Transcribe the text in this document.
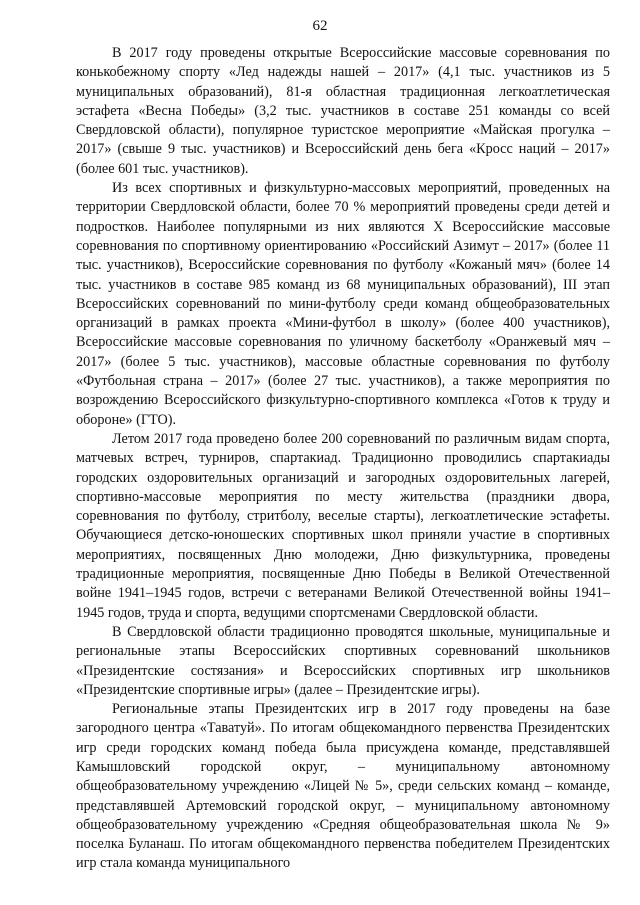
62

В 2017 году проведены открытые Всероссийские массовые соревнования по конькобежному спорту «Лед надежды нашей – 2017» (4,1 тыс. участников из 5 муниципальных образований), 81-я областная традиционная легкоатлетическая эстафета «Весна Победы» (3,2 тыс. участников в составе 251 команды со всей Свердловской области), популярное туристское мероприятие «Майская прогулка – 2017» (свыше 9 тыс. участников) и Всероссийский день бега «Кросс наций – 2017» (более 601 тыс. участников).

Из всех спортивных и физкультурно-массовых мероприятий, проведенных на территории Свердловской области, более 70 % мероприятий проведены среди детей и подростков. Наиболее популярными из них являются X Всероссийские массовые соревнования по спортивному ориентированию «Российский Азимут – 2017» (более 11 тыс. участников), Всероссийские соревнования по футболу «Кожаный мяч» (более 14 тыс. участников в составе 985 команд из 68 муниципальных образований), III этап Всероссийских соревнований по мини-футболу среди команд общеобразовательных организаций в рамках проекта «Мини-футбол в школу» (более 400 участников), Всероссийские массовые соревнования по уличному баскетболу «Оранжевый мяч – 2017» (более 5 тыс. участников), массовые областные соревнования по футболу «Футбольная страна – 2017» (более 27 тыс. участников), а также мероприятия по возрождению Всероссийского физкультурно-спортивного комплекса «Готов к труду и обороне» (ГТО).

Летом 2017 года проведено более 200 соревнований по различным видам спорта, матчевых встреч, турниров, спартакиад. Традиционно проводились спартакиады городских оздоровительных организаций и загородных оздоровительных лагерей, спортивно-массовые мероприятия по месту жительства (праздники двора, соревнования по футболу, стритболу, веселые старты), легкоатлетические эстафеты. Обучающиеся детско-юношеских спортивных школ приняли участие в спортивных мероприятиях, посвященных Дню молодежи, Дню физкультурника, проведены традиционные мероприятия, посвященные Дню Победы в Великой Отечественной войне 1941–1945 годов, встречи с ветеранами Великой Отечественной войны 1941–1945 годов, труда и спорта, ведущими спортсменами Свердловской области.

В Свердловской области традиционно проводятся школьные, муниципальные и региональные этапы Всероссийских спортивных соревнований школьников «Президентские состязания» и Всероссийских спортивных игр школьников «Президентские спортивные игры» (далее – Президентские игры).

Региональные этапы Президентских игр в 2017 году проведены на базе загородного центра «Таватуй». По итогам общекомандного первенства Президентских игр среди городских команд победа была присуждена команде, представлявшей Камышловский городской округ, – муниципальному автономному общеобразовательному учреждению «Лицей № 5», среди сельских команд – команде, представлявшей Артемовский городской округ, – муниципальному автономному общеобразовательному учреждению «Средняя общеобразовательная школа № 9» поселка Буланаш. По итогам общекомандного первенства победителем Президентских игр стала команда муниципального
